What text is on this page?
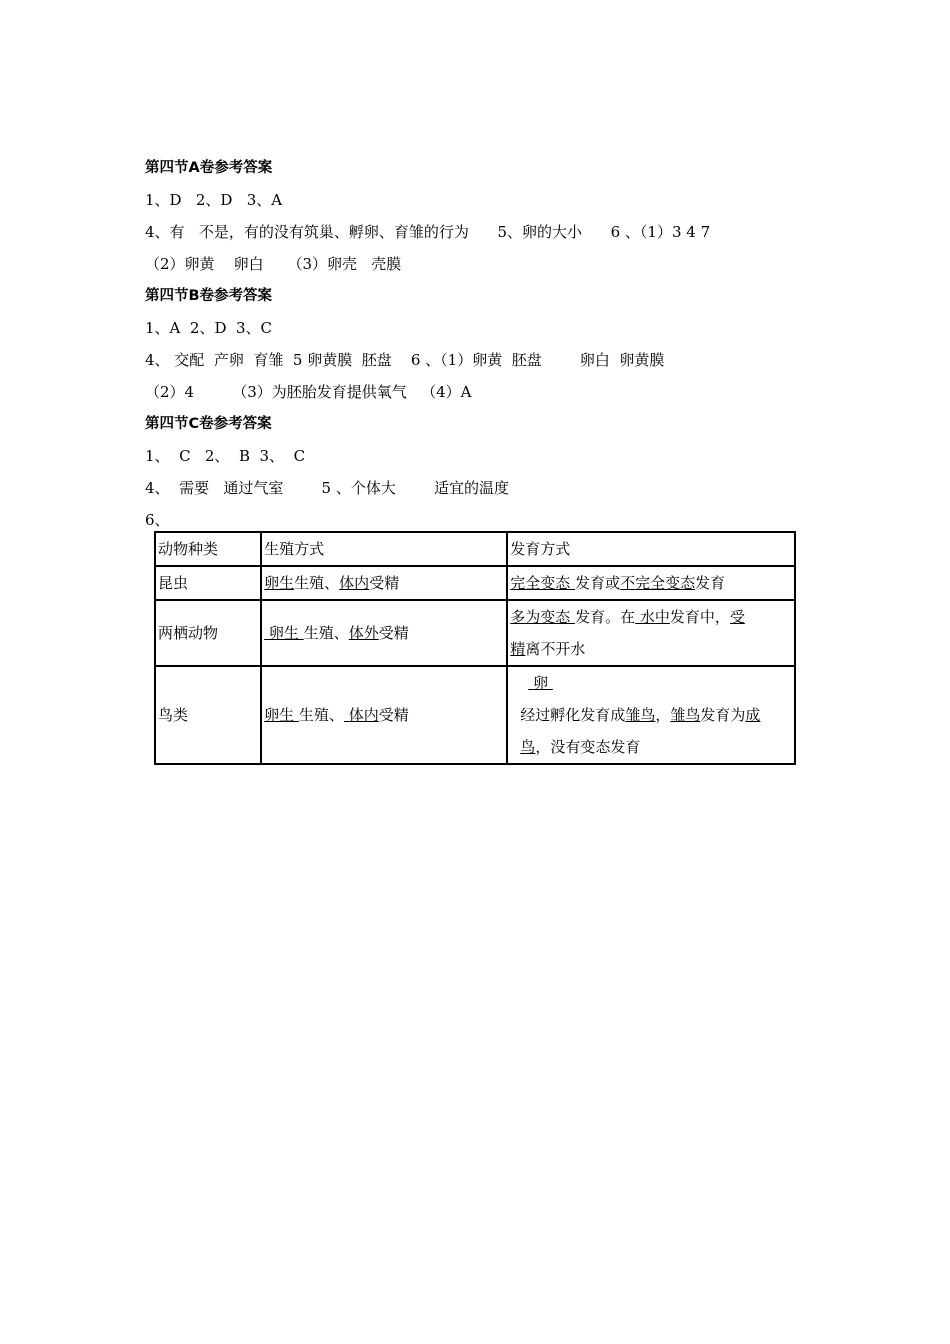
第四节A卷参考答案
1、D   2、D   3、A
4、有   不是，有的没有筑巢、孵卵、育雏的行为      5、卵的大小      6 、（1）3 4 7
（2）卵黄    卵白     （3）卵壳   壳膜
第四节B卷参考答案
1、A  2、D  3、C
4、 交配  产卵  育雏  5 卵黄膜  胚盘    6 、（1）卵黄  胚盘        卵白  卵黄膜
（2）4        （3）为胚胎发育提供氧气   （4）A
第四节C卷参考答案
1、  C   2、  B  3、  C
4、  需要   通过气室        5 、个体大        适宜的温度
6、
动物种类	生殖方式	发育方式
昆虫	卵生生殖、体内受精	完全变态 发育或不完全变态发育
两栖动物	卵生 生殖、体外受精	多为变态 发育。在 水中发育中，受
精离不开水

鸟类	卵生 生殖、 体内受精	卵
经过孵化发育成雏鸟，雏鸟发育为成
鸟，没有变态发育
